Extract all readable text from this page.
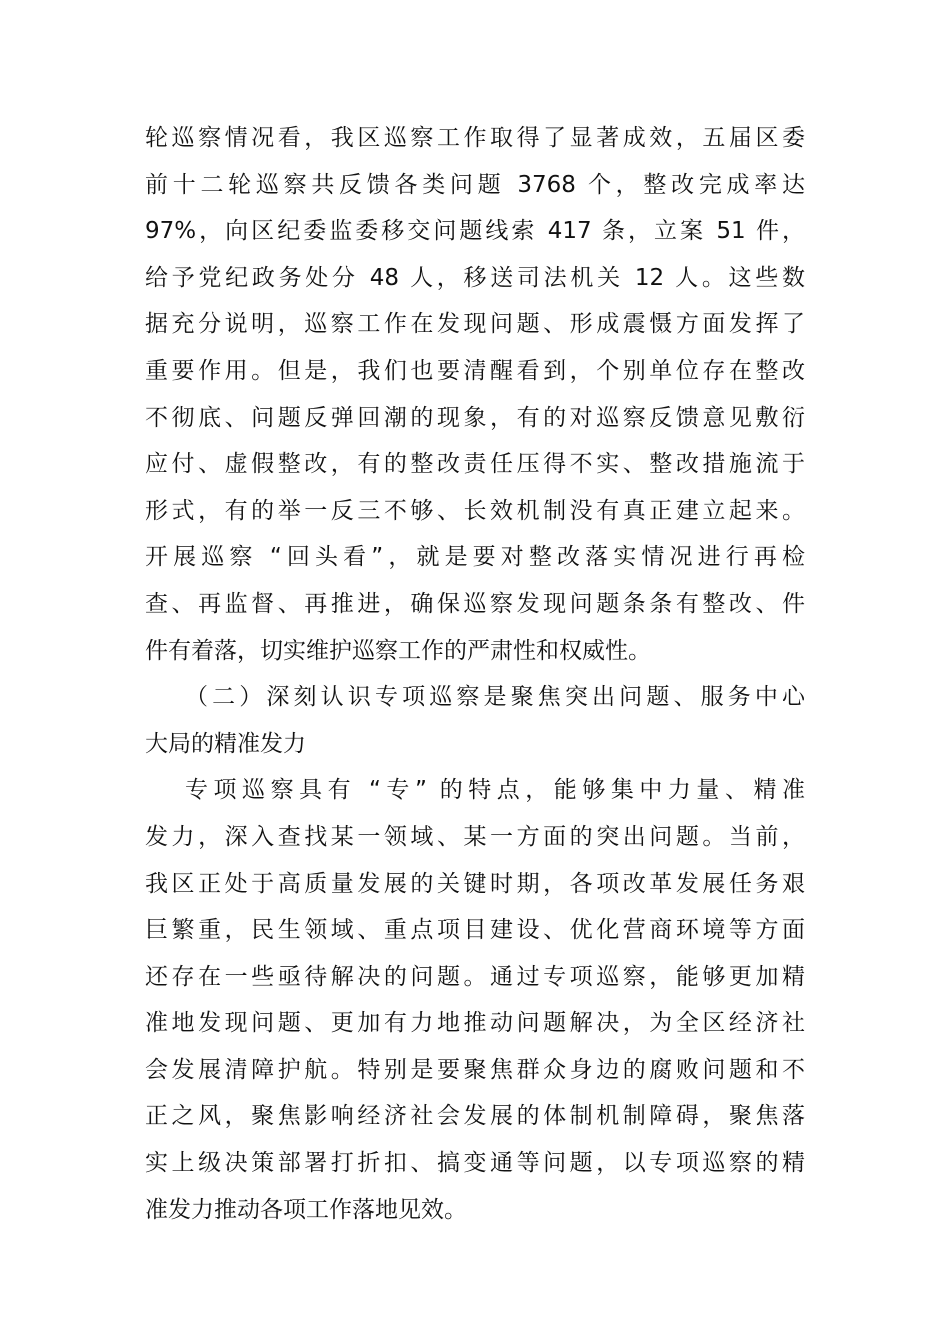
轮巡察情况看，我区巡察工作取得了显著成效，五届区委
前十二轮巡察共反馈各类问题 3768 个，整改完成率达
97%，向区纪委监委移交问题线索 417 条，立案 51 件，
给予党纪政务处分 48 人，移送司法机关 12 人。这些数
据充分说明，巡察工作在发现问题、形成震慑方面发挥了
重要作用。但是，我们也要清醒看到，个别单位存在整改
不彻底、问题反弹回潮的现象，有的对巡察反馈意见敷衍
应付、虚假整改，有的整改责任压得不实、整改措施流于
形式，有的举一反三不够、长效机制没有真正建立起来。
开展巡察 “回头看”，就是要对整改落实情况进行再检
查、再监督、再推进，确保巡察发现问题条条有整改、件
件有着落，切实维护巡察工作的严肃性和权威性。
（二）深刻认识专项巡察是聚焦突出问题、服务中心
大局的精准发力
专项巡察具有 “专” 的特点，能够集中力量、精准
发力，深入查找某一领域、某一方面的突出问题。当前，
我区正处于高质量发展的关键时期，各项改革发展任务艰
巨繁重，民生领域、重点项目建设、优化营商环境等方面
还存在一些亟待解决的问题。通过专项巡察，能够更加精
准地发现问题、更加有力地推动问题解决，为全区经济社
会发展清障护航。特别是要聚焦群众身边的腐败问题和不
正之风，聚焦影响经济社会发展的体制机制障碍，聚焦落
实上级决策部署打折扣、搞变通等问题，以专项巡察的精
准发力推动各项工作落地见效。
